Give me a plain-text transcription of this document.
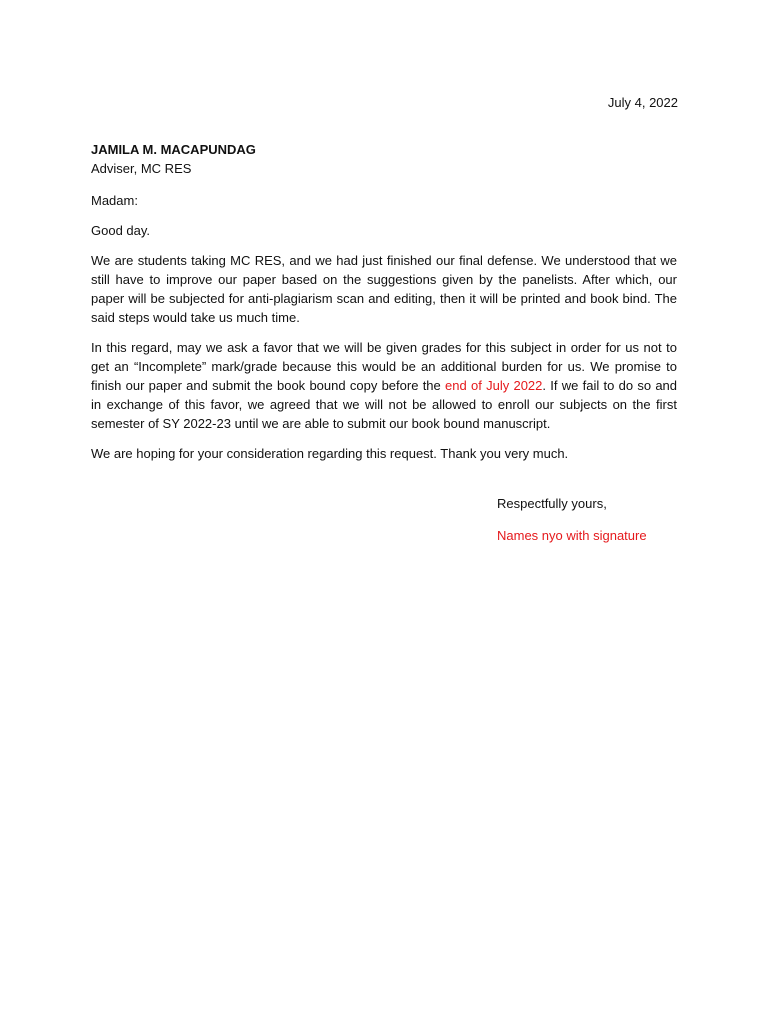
July 4, 2022
JAMILA M. MACAPUNDAG
Adviser, MC RES

Madam:

Good day.

We are students taking MC RES, and we had just finished our final defense. We understood that we still have to improve our paper based on the suggestions given by the panelists. After which, our paper will be subjected for anti-plagiarism scan and editing, then it will be printed and book bind. The said steps would take us much time.

In this regard, may we ask a favor that we will be given grades for this subject in order for us not to get an “Incomplete” mark/grade because this would be an additional burden for us. We promise to finish our paper and submit the book bound copy before the end of July 2022. If we fail to do so and in exchange of this favor, we agreed that we will not be allowed to enroll our subjects on the first semester of SY 2022-23 until we are able to submit our book bound manuscript.

We are hoping for your consideration regarding this request. Thank you very much.

Respectfully yours,
Names nyo with signature
